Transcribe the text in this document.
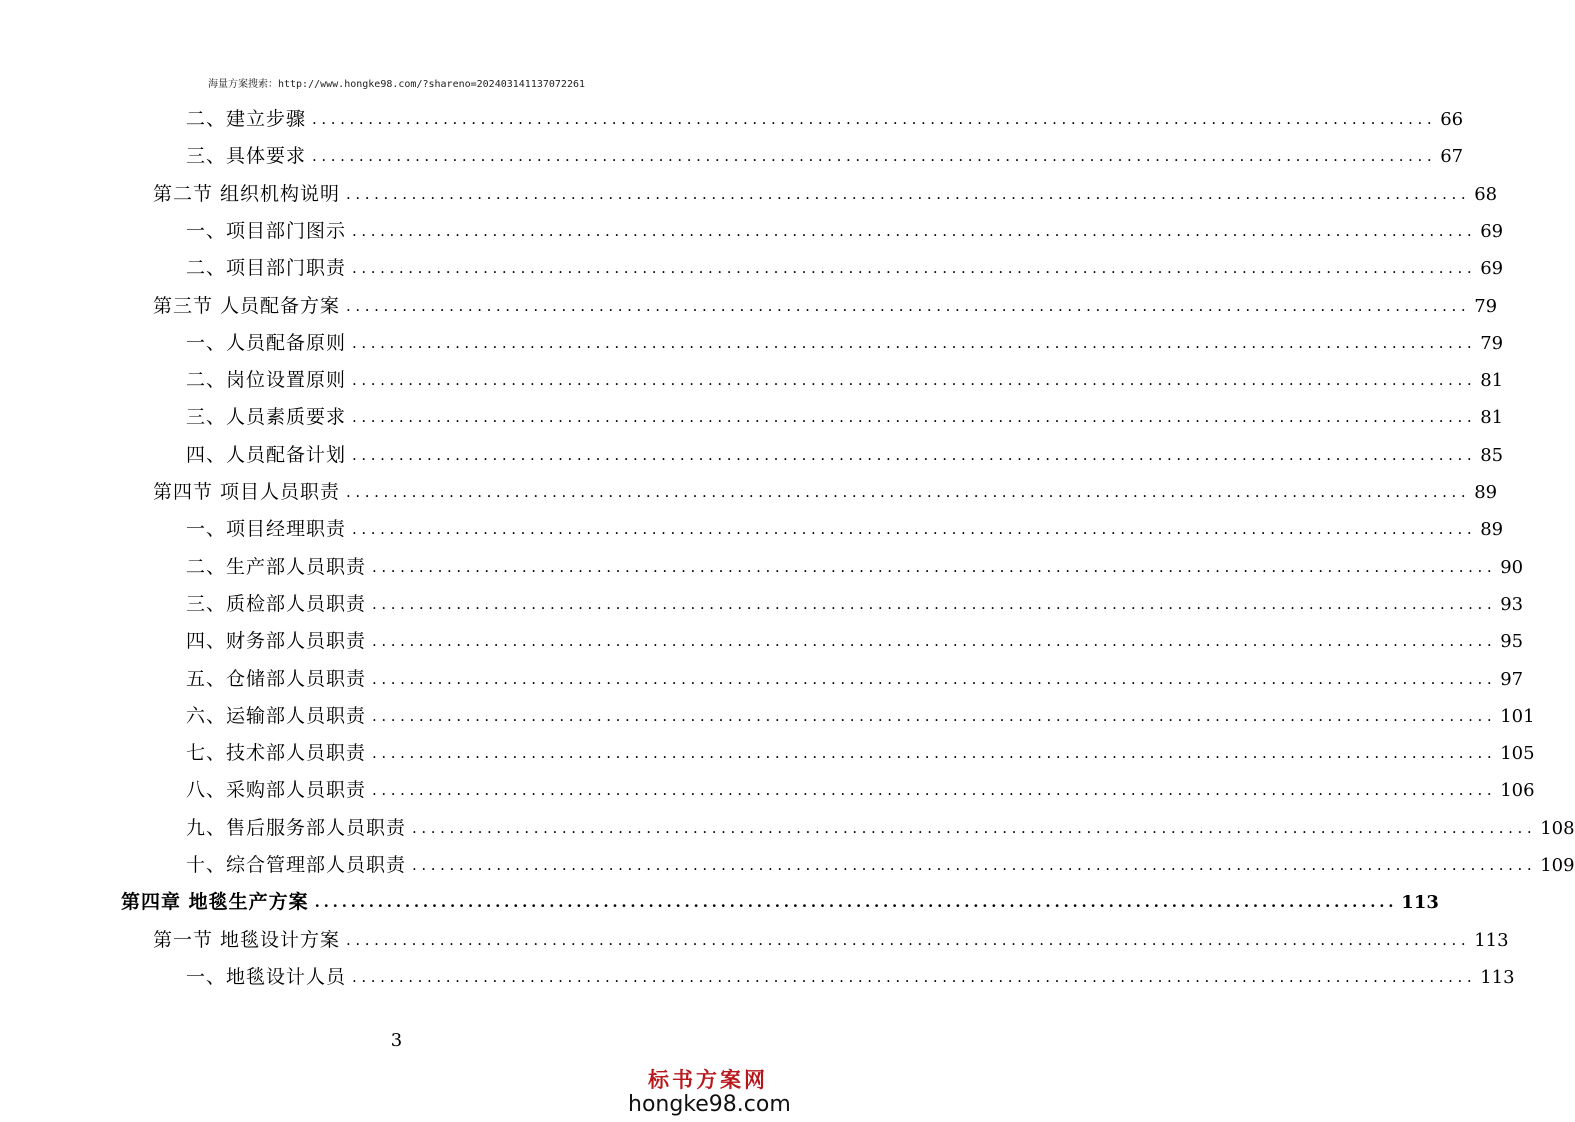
海量方案搜索：http://www.hongke98.com/?shareno=202403141137072261
二、建立步骤 ........................................................................................................................ 66
三、具体要求 ........................................................................................................................ 67
第二节 组织机构说明 ........................................................................................................................ 68
一、项目部门图示 ........................................................................................................................ 69
二、项目部门职责 ........................................................................................................................ 69
第三节 人员配备方案 ........................................................................................................................ 79
一、人员配备原则 ........................................................................................................................ 79
二、岗位设置原则 ........................................................................................................................ 81
三、人员素质要求 ........................................................................................................................ 81
四、人员配备计划 ........................................................................................................................ 85
第四节 项目人员职责 ........................................................................................................................ 89
一、项目经理职责 ........................................................................................................................ 89
二、生产部人员职责 ........................................................................................................................ 90
三、质检部人员职责 ........................................................................................................................ 93
四、财务部人员职责 ........................................................................................................................ 95
五、仓储部人员职责 ........................................................................................................................ 97
六、运输部人员职责 ........................................................................................................................ 101
七、技术部人员职责 ........................................................................................................................ 105
八、采购部人员职责 ........................................................................................................................ 106
九、售后服务部人员职责 ........................................................................................................................ 108
十、综合管理部人员职责 ........................................................................................................................ 109
第四章 地毯生产方案 ........................................................................................................................ 113
第一节 地毯设计方案 ........................................................................................................................ 113
一、地毯设计人员 ........................................................................................................................ 113
3
标书方案网
hongke98.com
